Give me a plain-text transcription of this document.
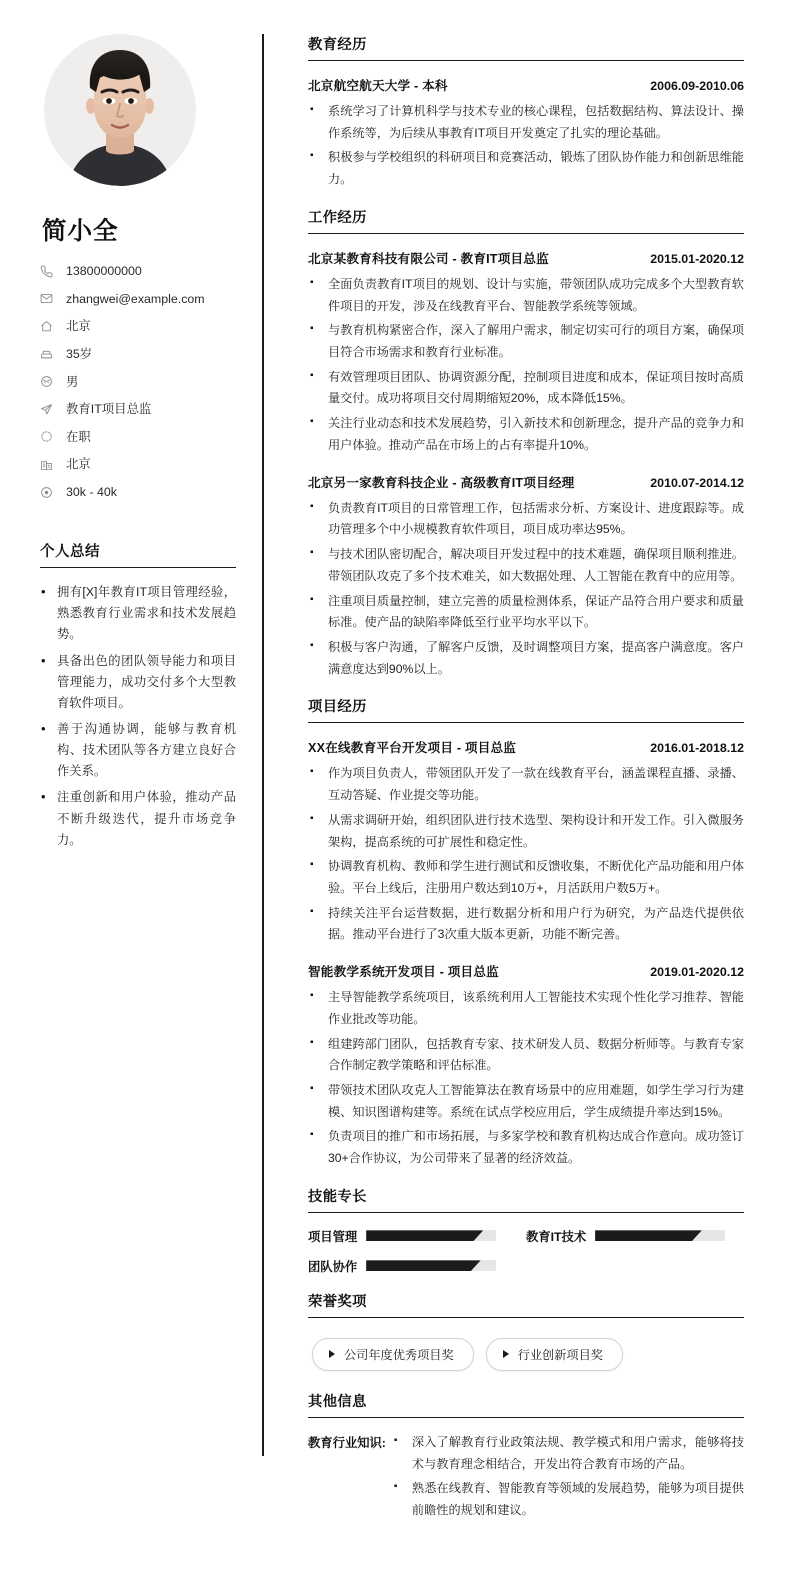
简小全
13800000000
zhangwei@example.com
北京
35岁
男
教育IT项目总监
在职
北京
30k - 40k
个人总结
• 拥有[X]年教育IT项目管理经验，熟悉教育行业需求和技术发展趋势。
• 具备出色的团队领导能力和项目管理能力，成功交付多个大型教育软件项目。
• 善于沟通协调，能够与教育机构、技术团队等各方建立良好合作关系。
• 注重创新和用户体验，推动产品不断升级迭代，提升市场竞争力。
教育经历
北京航空航天大学 - 本科	2006.09-2010.06
▪ 系统学习了计算机科学与技术专业的核心课程，包括数据结构、算法设计、操作系统等，为后续从事教育IT项目开发奠定了扎实的理论基础。
▪ 积极参与学校组织的科研项目和竞赛活动，锻炼了团队协作能力和创新思维能力。
工作经历
北京某教育科技有限公司 - 教育IT项目总监	2015.01-2020.12
▪ 全面负责教育IT项目的规划、设计与实施，带领团队成功完成多个大型教育软件项目的开发，涉及在线教育平台、智能教学系统等领域。
▪ 与教育机构紧密合作，深入了解用户需求，制定切实可行的项目方案，确保项目符合市场需求和教育行业标准。
▪ 有效管理项目团队、协调资源分配，控制项目进度和成本，保证项目按时高质量交付。成功将项目交付周期缩短20%，成本降低15%。
▪ 关注行业动态和技术发展趋势，引入新技术和创新理念，提升产品的竞争力和用户体验。推动产品在市场上的占有率提升10%。
北京另一家教育科技企业 - 高级教育IT项目经理	2010.07-2014.12
▪ 负责教育IT项目的日常管理工作，包括需求分析、方案设计、进度跟踪等。成功管理多个中小规模教育软件项目，项目成功率达95%。
▪ 与技术团队密切配合，解决项目开发过程中的技术难题，确保项目顺利推进。带领团队攻克了多个技术难关，如大数据处理、人工智能在教育中的应用等。
▪ 注重项目质量控制，建立完善的质量检测体系，保证产品符合用户要求和质量标准。使产品的缺陷率降低至行业平均水平以下。
▪ 积极与客户沟通，了解客户反馈，及时调整项目方案，提高客户满意度。客户满意度达到90%以上。
项目经历
XX在线教育平台开发项目 - 项目总监	2016.01-2018.12
▪ 作为项目负责人，带领团队开发了一款在线教育平台，涵盖课程直播、录播、互动答疑、作业提交等功能。
▪ 从需求调研开始，组织团队进行技术选型、架构设计和开发工作。引入微服务架构，提高系统的可扩展性和稳定性。
▪ 协调教育机构、教师和学生进行测试和反馈收集，不断优化产品功能和用户体验。平台上线后，注册用户数达到10万+，月活跃用户数5万+。
▪ 持续关注平台运营数据，进行数据分析和用户行为研究，为产品迭代提供依据。推动平台进行了3次重大版本更新，功能不断完善。
智能教学系统开发项目 - 项目总监	2019.01-2020.12
▪ 主导智能教学系统项目，该系统利用人工智能技术实现个性化学习推荐、智能作业批改等功能。
▪ 组建跨部门团队，包括教育专家、技术研发人员、数据分析师等。与教育专家合作制定教学策略和评估标准。
▪ 带领技术团队攻克人工智能算法在教育场景中的应用难题，如学生学习行为建模、知识图谱构建等。系统在试点学校应用后，学生成绩提升率达到15%。
▪ 负责项目的推广和市场拓展，与多家学校和教育机构达成合作意向。成功签订30+合作协议，为公司带来了显著的经济效益。
技能专长
项目管理	教育IT技术
团队协作
荣誉奖项
公司年度优秀项目奖	行业创新项目奖
其他信息
教育行业知识:	▪ 深入了解教育行业政策法规、教学模式和用户需求，能够将技术与教育理念相结合，开发出符合教育市场的产品。
▪ 熟悉在线教育、智能教育等领域的发展趋势，能够为项目提供前瞻性的规划和建议。
